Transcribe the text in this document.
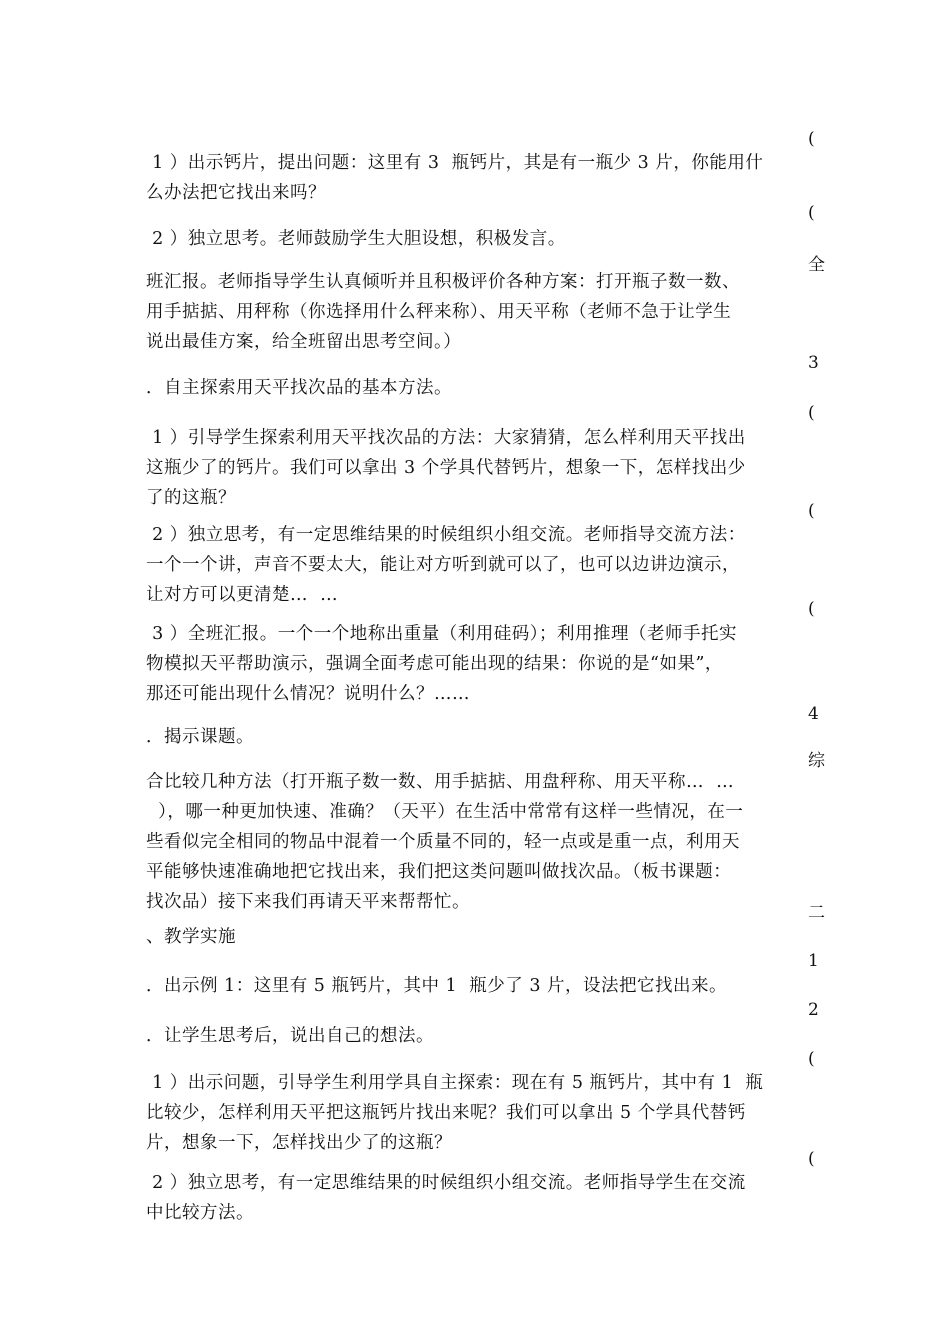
(
1 ）出示钙片，提出问题：这里有 3  瓶钙片，其是有一瓶少 3 片，你能用什
么办法把它找出来吗？
(
2 ）独立思考。老师鼓励学生大胆设想，积极发言。
全
班汇报。老师指导学生认真倾听并且积极评价各种方案：打开瓶子数一数、
用手掂掂、用秤称（你选择用什么秤来称）、用天平称（老师不急于让学生
说出最佳方案，给全班留出思考空间。）
3
．自主探索用天平找次品的基本方法。
(
1 ）引导学生探索利用天平找次品的方法：大家猜猜，怎么样利用天平找出
这瓶少了的钙片。我们可以拿出 3 个学具代替钙片，想象一下，怎样找出少
了的这瓶？
(
2 ）独立思考，有一定思维结果的时候组织小组交流。老师指导交流方法：
一个一个讲，声音不要太大，能让对方听到就可以了，也可以边讲边演示，
让对方可以更清楚…  …
(
3 ）全班汇报。一个一个地称出重量（利用硅码）；利用推理（老师手托实
物模拟天平帮助演示，强调全面考虑可能出现的结果：你说的是“如果”，
那还可能出现什么情况？说明什么？……
4
．揭示课题。
综
合比较几种方法（打开瓶子数一数、用手掂掂、用盘秤称、用天平称…  …
），哪一种更加快速、准确？（天平）在生活中常常有这样一些情况，在一
些看似完全相同的物品中混着一个质量不同的，轻一点或是重一点，利用天
平能够快速准确地把它找出来，我们把这类问题叫做找次品。（板书课题：
找次品）接下来我们再请天平来帮帮忙。
二
、教学实施
1
．出示例 1：这里有 5 瓶钙片，其中 1  瓶少了 3 片，设法把它找出来。
2
．让学生思考后，说出自己的想法。
(
1 ）出示问题，引导学生利用学具自主探索：现在有 5 瓶钙片，其中有 1  瓶
比较少，怎样利用天平把这瓶钙片找出来呢？我们可以拿出 5 个学具代替钙
片，想象一下，怎样找出少了的这瓶？
(
2 ）独立思考，有一定思维结果的时候组织小组交流。老师指导学生在交流
中比较方法。
